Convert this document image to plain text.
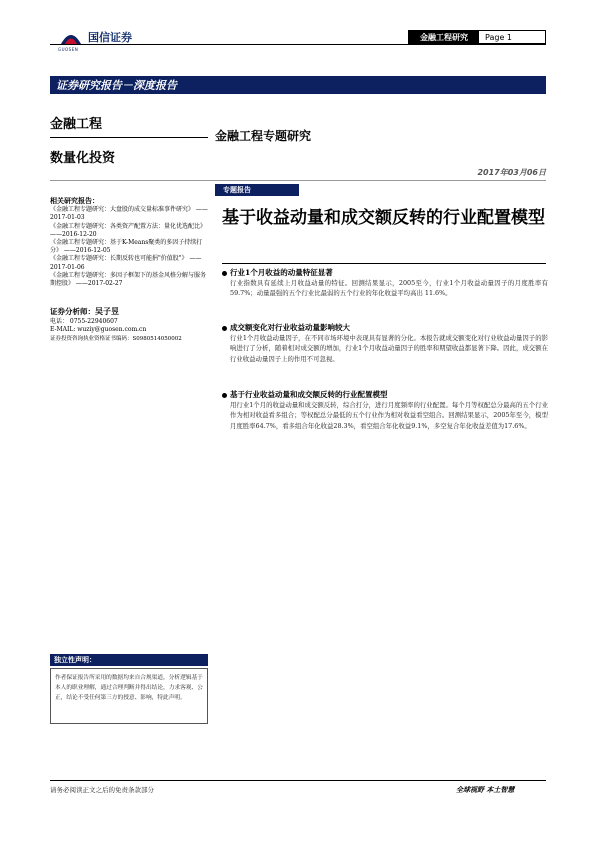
国信证券
GUOSEN
金融工程研究	Page 1
证券研究报告－深度报告
金融工程
金融工程专题研究
数量化投资
2017年03月06日
专题报告
基于收益动量和成交额反转的行业配置模型
相关研究报告：
《金融工程专题研究：大盘股的成交量标准事件研究》 ——2017-01-03
《金融工程专题研究：各类资产配置方法：量化优选配比》 ——2016-12-20
《金融工程专题研究：基于K-Means聚类的多因子持续打分》 ——2016-12-05
《金融工程专题研究：长期反转也可能捐"价值股"》 ——2017-01-06
《金融工程专题研究：多因子框架下的基金风格分解与服务期控股》 ——2017-02-27
证券分析师：吴子昱
电话： 0755-22940607
E-MAIL: wuziy@guosen.com.cn
证券投资咨询执业资格证书编码：S0980514050002
行业1个月收益的动量特征显著
行业指数具有延续上月收益动量的特征。回测结果显示，2005至今，行业1个月收益动量因子的月度胜率有 59.7%；动量最强的五个行业比最弱的五个行业的年化收益平均高出 11.6%。
成交额变化对行业收益动量影响较大
行业1个月收益动量因子，在不同市场环境中表现具有显著的分化。本报告就成交额变化对行业收益动量因子的影响进行了分析，随着相对成交额的增加，行业1个月收益动量因子的胜率和期望收益都显著下降。因此，成交额在行业收益动量因子上的作用不可忽视。
基于行业收益动量和成交额反转的行业配置模型
用行业1个月的收益动量和成交额反转，综合打分，进行月度频率的行业配置。每个月等权配总分最高的五个行业作为相对收益看多组合；等权配总分最低的五个行业作为相对收益看空组合。回测结果显示，2005年至今，模型月度胜率64.7%，看多组合年化收益28.3%，看空组合年化收益9.1%，多空复合年化收益差值为17.6%。
独立性声明：
作者保证报告所采用的数据均来自合规渠道，分析逻辑基于本人的职业理解，通过合理判断并得出结论，力求客观、公正，结论不受任何第三方的授意、影响，特此声明。
请务必阅读正文之后的免责条款部分	全球视野 本土智慧
